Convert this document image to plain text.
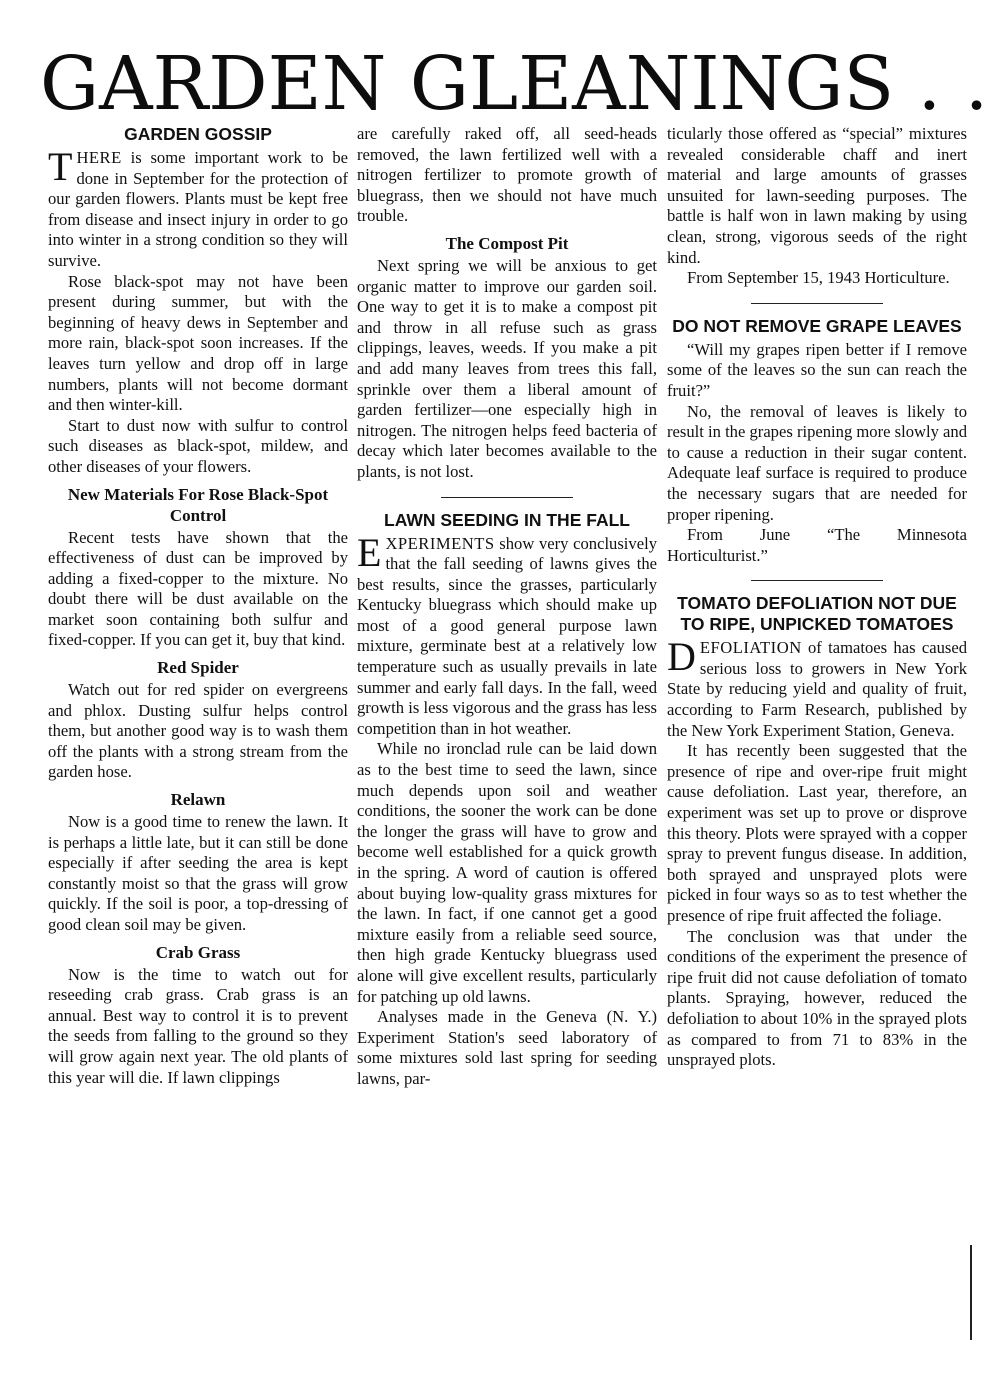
GARDEN GLEANINGS . .
GARDEN GOSSIP

THERE is some important work to be done in September for the protection of our garden flowers. Plants must be kept free from disease and insect injury in order to go into winter in a strong condition so they will survive.

Rose black-spot may not have been present during summer, but with the beginning of heavy dews in September and more rain, black-spot soon increases. If the leaves turn yellow and drop off in large numbers, plants will not become dormant and then winter-kill.

Start to dust now with sulfur to control such diseases as black-spot, mildew, and other diseases of your flowers.

New Materials For Rose Black-Spot Control

Recent tests have shown that the effectiveness of dust can be improved by adding a fixed-copper to the mixture. No doubt there will be dust available on the market soon containing both sulfur and fixed-copper. If you can get it, buy that kind.

Red Spider

Watch out for red spider on evergreens and phlox. Dusting sulfur helps control them, but another good way is to wash them off the plants with a strong stream from the garden hose.

Relawn

Now is a good time to renew the lawn. It is perhaps a little late, but it can still be done especially if after seeding the area is kept constantly moist so that the grass will grow quickly. If the soil is poor, a top-dressing of good clean soil may be given.

Crab Grass

Now is the time to watch out for reseeding crab grass. Crab grass is an annual. Best way to control it is to prevent the seeds from falling to the ground so they will grow again next year. The old plants of this year will die. If lawn clippings

are carefully raked off, all seed-heads removed, the lawn fertilized well with a nitrogen fertilizer to promote growth of bluegrass, then we should not have much trouble.

The Compost Pit

Next spring we will be anxious to get organic matter to improve our garden soil. One way to get it is to make a compost pit and throw in all refuse such as grass clippings, leaves, weeds. If you make a pit and add many leaves from trees this fall, sprinkle over them a liberal amount of garden fertilizer—one especially high in nitrogen. The nitrogen helps feed bacteria of decay which later becomes available to the plants, is not lost.

LAWN SEEDING IN THE FALL

EXPERIMENTS show very conclusively that the fall seeding of lawns gives the best results, since the grasses, particularly Kentucky bluegrass which should make up most of a good general purpose lawn mixture, germinate best at a relatively low temperature such as usually prevails in late summer and early fall days. In the fall, weed growth is less vigorous and the grass has less competition than in hot weather.

While no ironclad rule can be laid down as to the best time to seed the lawn, since much depends upon soil and weather conditions, the sooner the work can be done the longer the grass will have to grow and become well established for a quick growth in the spring. A word of caution is offered about buying low-quality grass mixtures for the lawn. In fact, if one cannot get a good mixture easily from a reliable seed source, then high grade Kentucky bluegrass used alone will give excellent results, particularly for patching up old lawns.

Analyses made in the Geneva (N. Y.) Experiment Station's seed laboratory of some mixtures sold last spring for seeding lawns, par-

ticularly those offered as “special” mixtures revealed considerable chaff and inert material and large amounts of grasses unsuited for lawn-seeding purposes. The battle is half won in lawn making by using clean, strong, vigorous seeds of the right kind.

From September 15, 1943 Horticulture.

DO NOT REMOVE GRAPE LEAVES

“Will my grapes ripen better if I remove some of the leaves so the sun can reach the fruit?”

No, the removal of leaves is likely to result in the grapes ripening more slowly and to cause a reduction in their sugar content. Adequate leaf surface is required to produce the necessary sugars that are needed for proper ripening.

From June “The Minnesota Horticulturist.”

TOMATO DEFOLIATION NOT DUE TO RIPE, UNPICKED TOMATOES

DEFOLIATION of tamatoes has caused serious loss to growers in New York State by reducing yield and quality of fruit, according to Farm Research, published by the New York Experiment Station, Geneva.

It has recently been suggested that the presence of ripe and over-ripe fruit might cause defoliation. Last year, therefore, an experiment was set up to prove or disprove this theory. Plots were sprayed with a copper spray to prevent fungus disease. In addition, both sprayed and unsprayed plots were picked in four ways so as to test whether the presence of ripe fruit affected the foliage.

The conclusion was that under the conditions of the experiment the presence of ripe fruit did not cause defoliation of tomato plants. Spraying, however, reduced the defoliation to about 10% in the sprayed plots as compared to from 71 to 83% in the unsprayed plots.
